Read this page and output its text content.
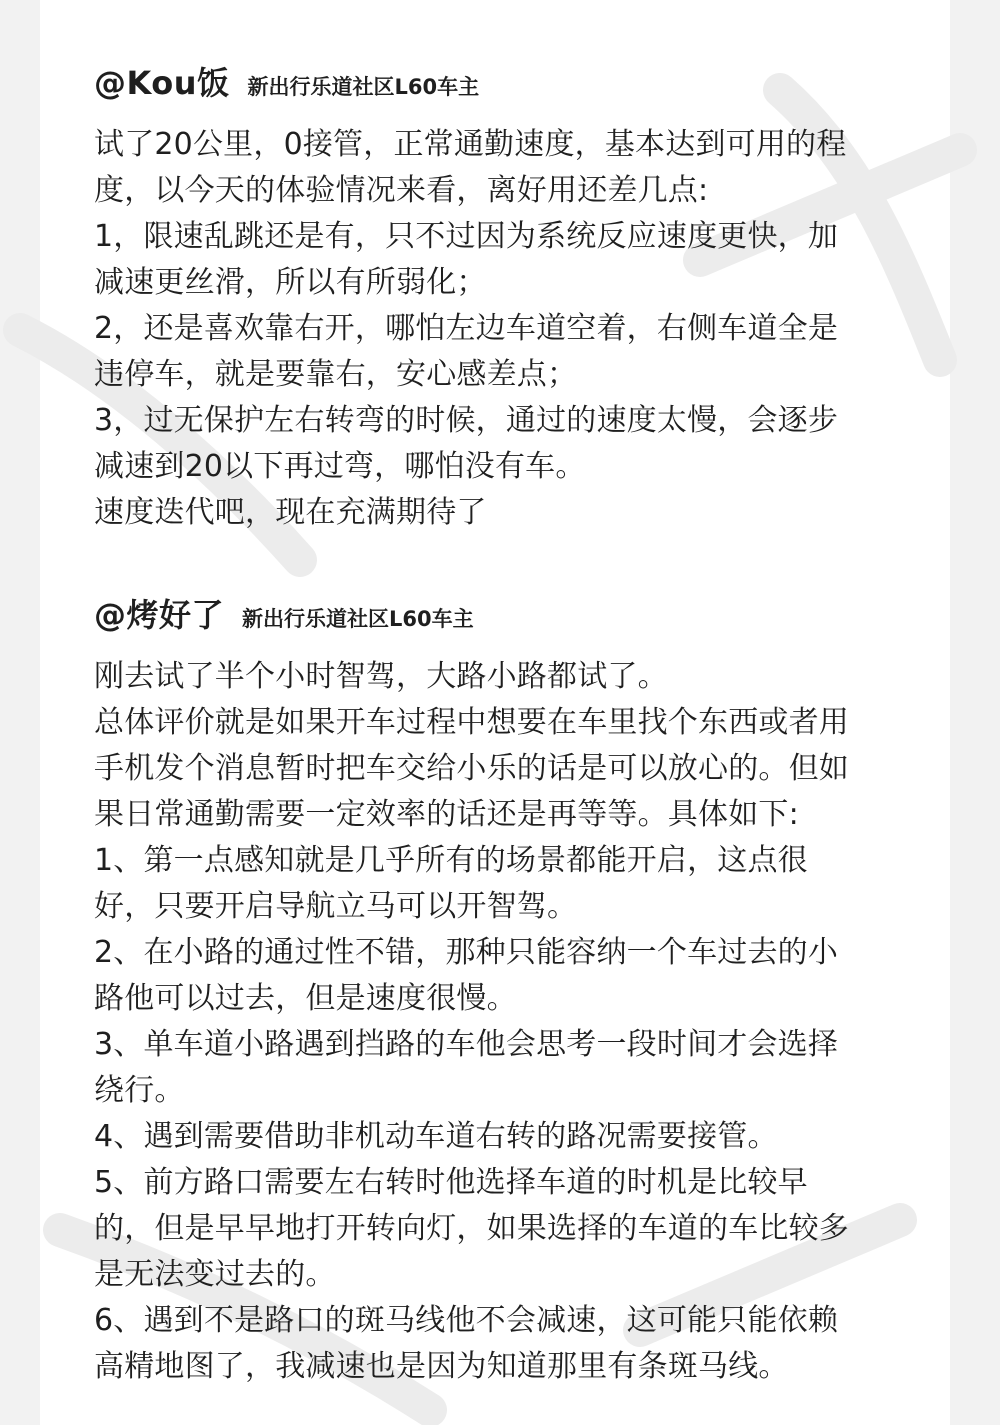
@Kou饭 新出行乐道社区L60车主
试了20公里，0接管，正常通勤速度，基本达到可用的程
度，以今天的体验情况来看，离好用还差几点:
1，限速乱跳还是有，只不过因为系统反应速度更快，加
减速更丝滑，所以有所弱化；
2，还是喜欢靠右开，哪怕左边车道空着，右侧车道全是
违停车，就是要靠右，安心感差点；
3，过无保护左右转弯的时候，通过的速度太慢，会逐步
减速到20以下再过弯，哪怕没有车。
速度迭代吧，现在充满期待了
@烤好了 新出行乐道社区L60车主
刚去试了半个小时智驾，大路小路都试了。
总体评价就是如果开车过程中想要在车里找个东西或者用
手机发个消息暂时把车交给小乐的话是可以放心的。但如
果日常通勤需要一定效率的话还是再等等。具体如下:
1、第一点感知就是几乎所有的场景都能开启，这点很
好，只要开启导航立马可以开智驾。
2、在小路的通过性不错，那种只能容纳一个车过去的小
路他可以过去，但是速度很慢。
3、单车道小路遇到挡路的车他会思考一段时间才会选择
绕行。
4、遇到需要借助非机动车道右转的路况需要接管。
5、前方路口需要左右转时他选择车道的时机是比较早
的，但是早早地打开转向灯，如果选择的车道的车比较多
是无法变过去的。
6、遇到不是路口的斑马线他不会减速，这可能只能依赖
高精地图了，我减速也是因为知道那里有条斑马线。
